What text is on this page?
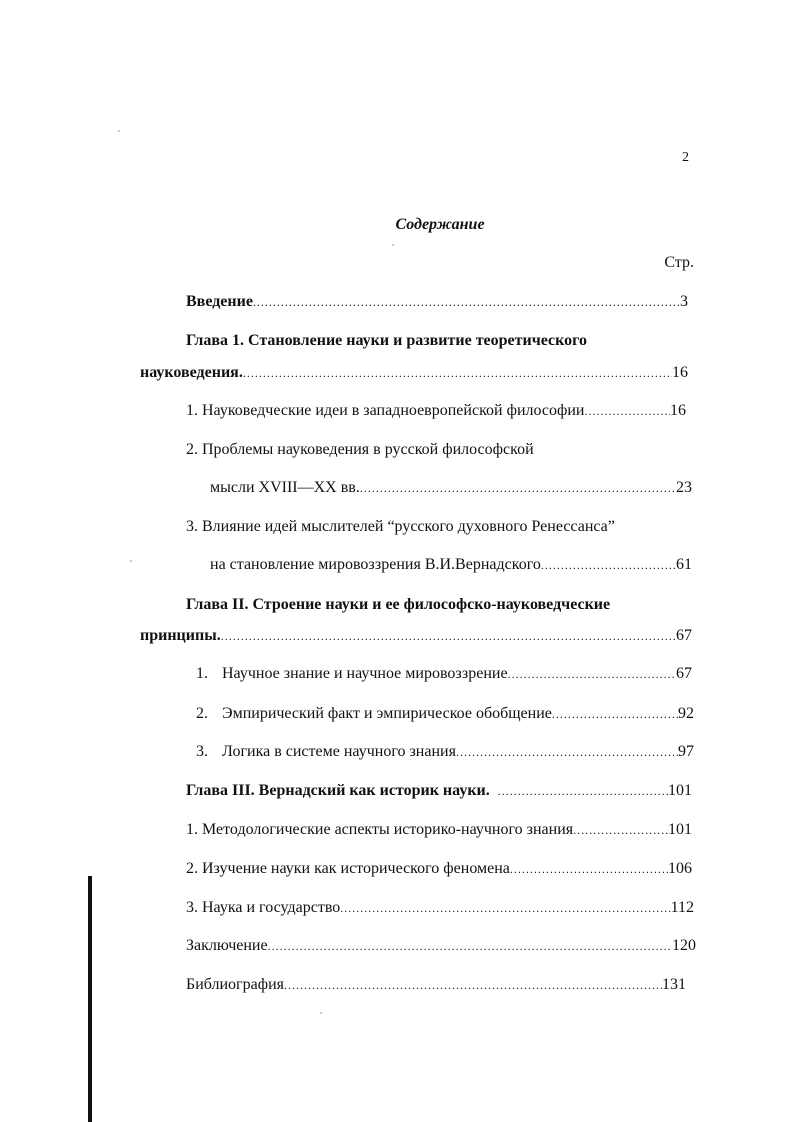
2
Содержание
Стр.
Введение .....	3
Глава 1. Становление науки и развитие теоретического
науковедения. .....	16
1. Науковедческие идеи в западноевропейской философии .....	16
2. Проблемы науковедения в русской философской
мысли XVIII—XX вв. .....	23
3. Влияние идей мыслителей “русского духовного Ренессанса”
на становление мировоззрения В.И.Вернадского .....	61
Глава II. Строение науки и ее философско-науковедческие
принципы. .....	67
1. Научное знание и научное мировоззрение .....	67
2. Эмпирический факт и эмпирическое обобщение .....	92
3. Логика в системе научного знания .....	97
Глава III. Вернадский как историк науки. .....	101
1. Методологические аспекты историко-научного знания .....	101
2. Изучение науки как исторического феномена .....	106
3. Наука и государство .....	112
Заключение .....	120
Библиография .....	131
